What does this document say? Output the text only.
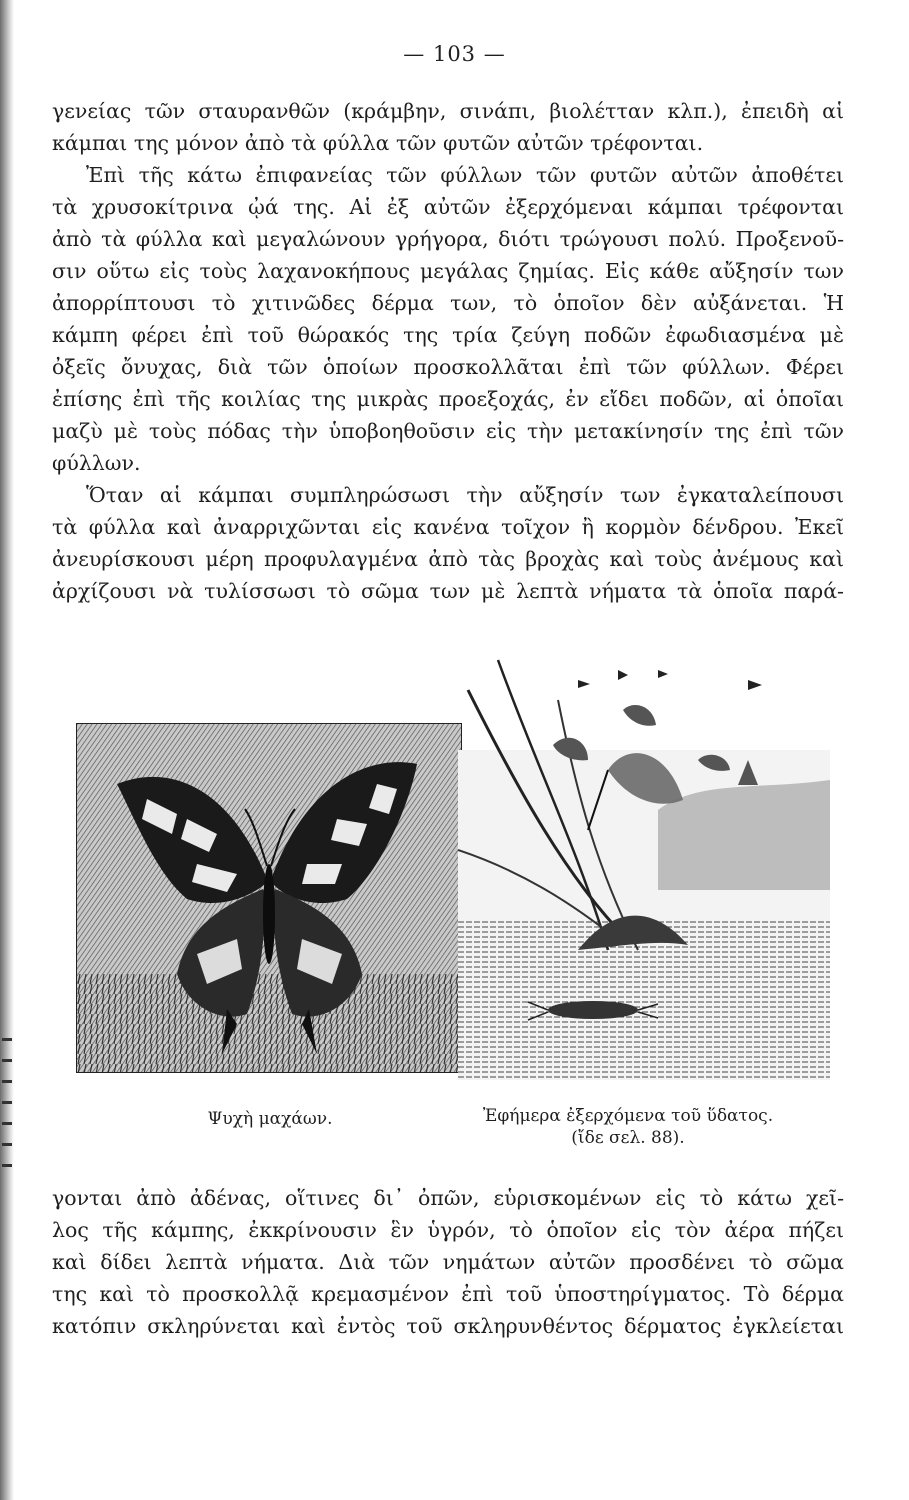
— 103 —
γενείας τῶν σταυρανθῶν (κράμβην, σινάπι, βιολέτταν κλπ.), ἐπειδὴ αἱ
κάμπαι της μόνον ἀπὸ τὰ φύλλα τῶν φυτῶν αὐτῶν τρέφονται.
Ἐπὶ τῆς κάτω ἐπιφανείας τῶν φύλλων τῶν φυτῶν αὐτῶν ἀποθέτει
τὰ χρυσοκίτρινα ᾠά της. Αἱ ἐξ αὐτῶν ἐξερχόμεναι κάμπαι τρέφονται
ἀπὸ τὰ φύλλα καὶ μεγαλώνουν γρήγορα, διότι τρώγουσι πολύ. Προξενοῦ-
σιν οὕτω εἰς τοὺς λαχανοκήπους μεγάλας ζημίας. Εἰς κάθε αὔξησίν των
ἀπορρίπτουσι τὸ χιτινῶδες δέρμα των, τὸ ὁποῖον δὲν αὐξάνεται. Ἡ
κάμπη φέρει ἐπὶ τοῦ θώρακός της τρία ζεύγη ποδῶν ἐφωδιασμένα μὲ
ὀξεῖς ὄνυχας, διὰ τῶν ὁποίων προσκολλᾶται ἐπὶ τῶν φύλλων. Φέρει
ἐπίσης ἐπὶ τῆς κοιλίας της μικρὰς προεξοχάς, ἐν εἴδει ποδῶν, αἱ ὁποῖαι
μαζὺ μὲ τοὺς πόδας τὴν ὑποβοηθοῦσιν εἰς τὴν μετακίνησίν της ἐπὶ τῶν
φύλλων.
Ὅταν αἱ κάμπαι συμπληρώσωσι τὴν αὔξησίν των ἐγκαταλείπουσι
τὰ φύλλα καὶ ἀναρριχῶνται εἰς κανένα τοῖχον ἢ κορμὸν δένδρου. Ἐκεῖ
ἀνευρίσκουσι μέρη προφυλαγμένα ἀπὸ τὰς βροχὰς καὶ τοὺς ἀνέμους καὶ
ἀρχίζουσι νὰ τυλίσσωσι τὸ σῶμα των μὲ λεπτὰ νήματα τὰ ὁποῖα παρά-
Ψυχὴ μαχάων.	Ἐφήμερα ἐξερχόμενα τοῦ ὕδατος.
(ἴδε σελ. 88).
γονται ἀπὸ ἀδένας, οἵτινες δι᾽ ὀπῶν, εὑρισκομένων εἰς τὸ κάτω χεῖ-
λος τῆς κάμπης, ἐκκρίνουσιν ἓν ὑγρόν, τὸ ὁποῖον εἰς τὸν ἀέρα πήζει
καὶ δίδει λεπτὰ νήματα. Διὰ τῶν νημάτων αὐτῶν προσδένει τὸ σῶμα
της καὶ τὸ προσκολλᾷ κρεμασμένον ἐπὶ τοῦ ὑποστηρίγματος. Τὸ δέρμα
κατόπιν σκληρύνεται καὶ ἐντὸς τοῦ σκληρυνθέντος δέρματος ἐγκλείεται
